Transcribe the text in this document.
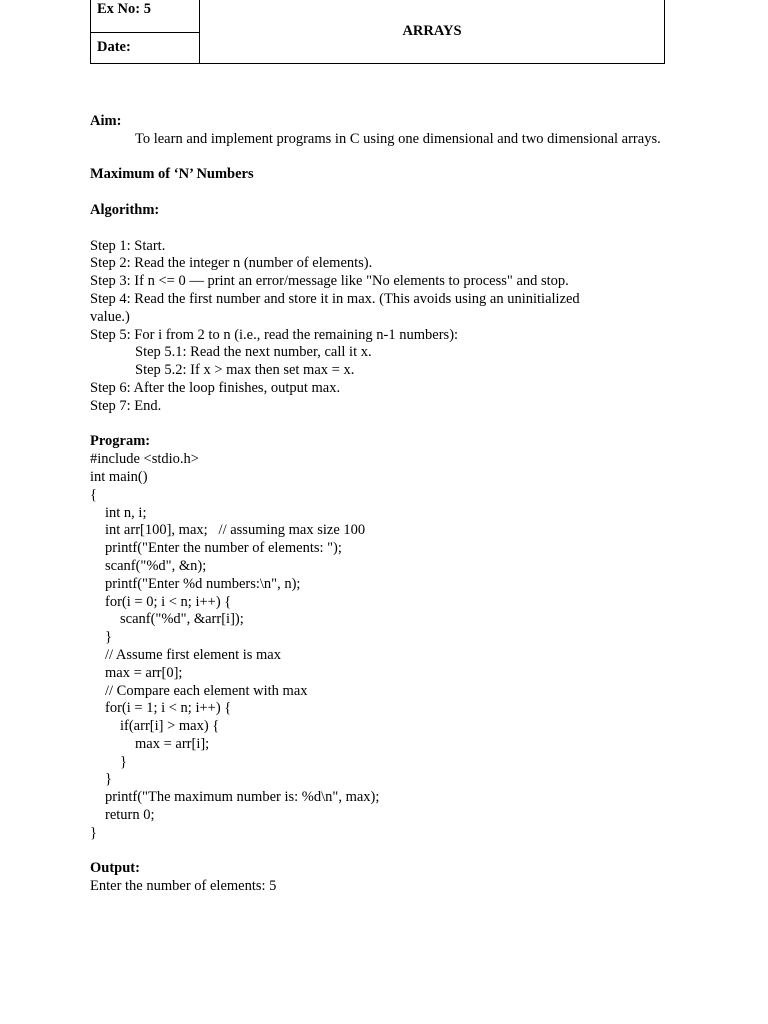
Ex No: 5
Date:
ARRAYS
Aim:
To learn and implement programs in C using one dimensional and two dimensional arrays.
Maximum of ‘N’ Numbers
Algorithm:
Step 1: Start.
Step 2: Read the integer n (number of elements).
Step 3: If n <= 0 — print an error/message like "No elements to process" and stop.
Step 4: Read the first number and store it in max. (This avoids using an uninitialized
value.)
Step 5: For i from 2 to n (i.e., read the remaining n-1 numbers):
Step 5.1: Read the next number, call it x.
Step 5.2: If x > max then set max = x.
Step 6: After the loop finishes, output max.
Step 7: End.
Program:
#include <stdio.h>
int main()
{
int n, i;
int arr[100], max;   // assuming max size 100
printf("Enter the number of elements: ");
scanf("%d", &n);
printf("Enter %d numbers:\n", n);
for(i = 0; i < n; i++) {
scanf("%d", &arr[i]);
}
// Assume first element is max
max = arr[0];
// Compare each element with max
for(i = 1; i < n; i++) {
if(arr[i] > max) {
max = arr[i];
}
}
printf("The maximum number is: %d\n", max);
return 0;
}
Output:
Enter the number of elements: 5
